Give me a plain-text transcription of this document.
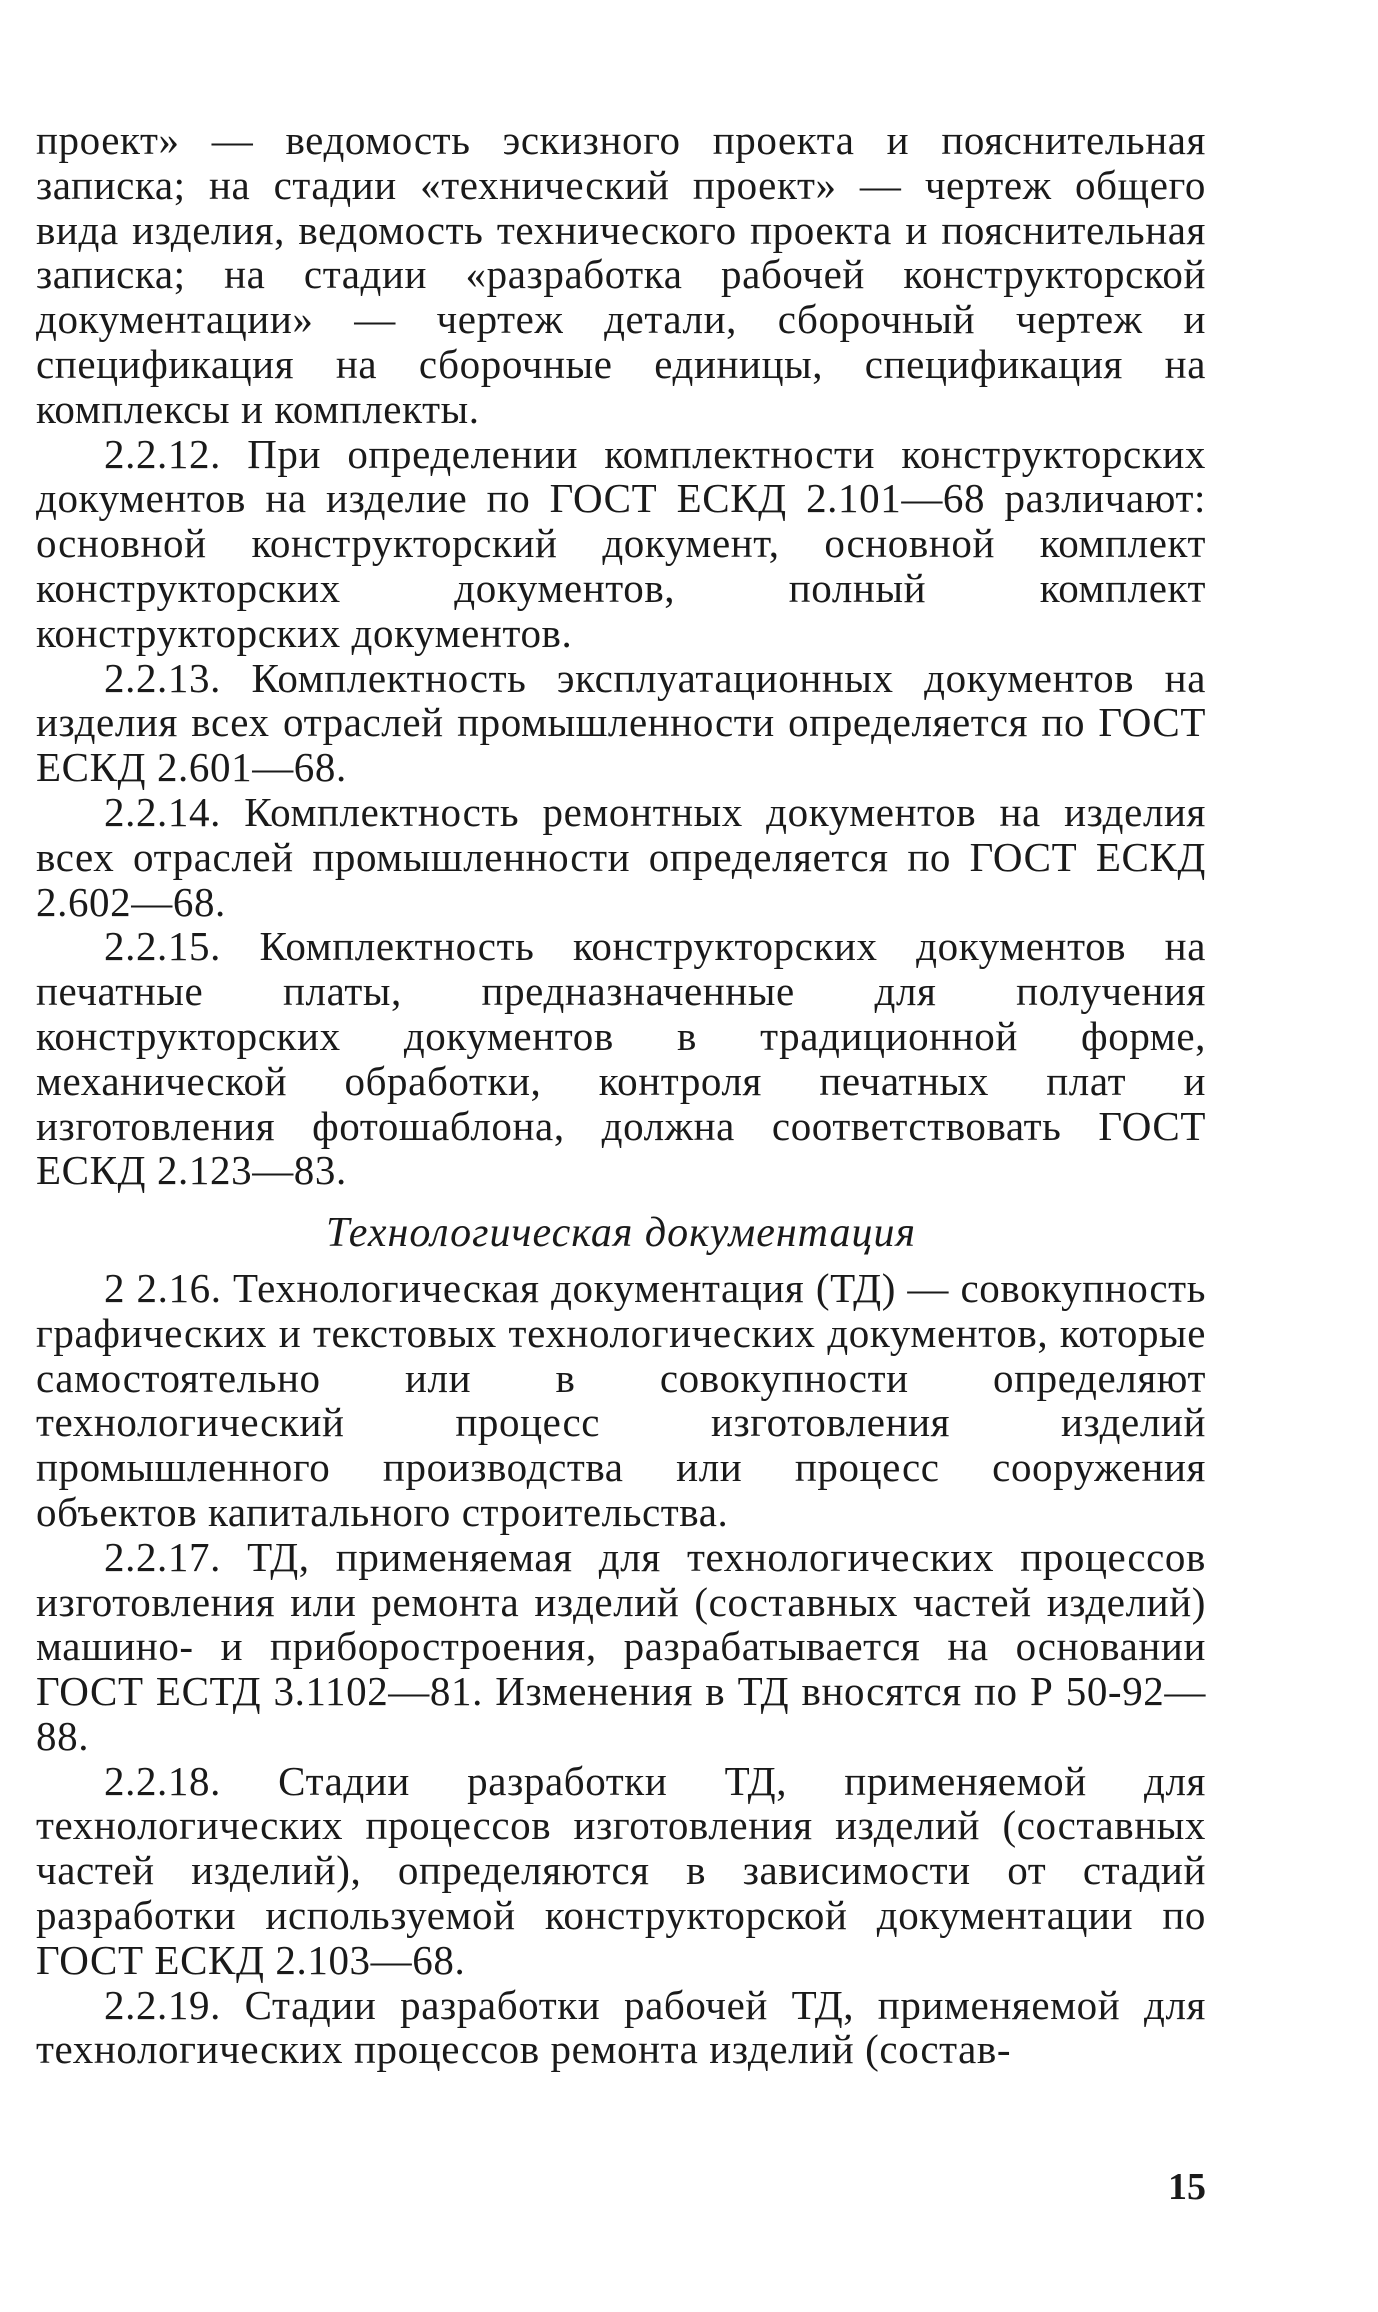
проект» — ведомость эскизного проекта и пояснительная записка; на стадии «технический проект» — чертеж общего вида изделия, ведомость технического проекта и пояснительная записка; на стадии «разработка рабочей конструкторской документации» — чертеж детали, сборочный чертеж и спецификация на сборочные единицы, спецификация на комплексы и комплекты.

2.2.12. При определении комплектности конструкторских документов на изделие по ГОСТ ЕСКД 2.101—68 различают: основной конструкторский документ, основной комплект конструкторских документов, полный комплект конструкторских документов.

2.2.13. Комплектность эксплуатационных документов на изделия всех отраслей промышленности определяется по ГОСТ ЕСКД 2.601—68.

2.2.14. Комплектность ремонтных документов на изделия всех отраслей промышленности определяется по ГОСТ ЕСКД 2.602—68.

2.2.15. Комплектность конструкторских документов на печатные платы, предназначенные для получения конструкторских документов в традиционной форме, механической обработки, контроля печатных плат и изготовления фотошаблона, должна соответствовать ГОСТ ЕСКД 2.123—83.

Технологическая документация

2 2.16. Технологическая документация (ТД) — совокупность графических и текстовых технологических документов, которые самостоятельно или в совокупности определяют технологический процесс изготовления изделий промышленного производства или процесс сооружения объектов капитального строительства.

2.2.17. ТД, применяемая для технологических процессов изготовления или ремонта изделий (составных частей изделий) машино- и приборостроения, разрабатывается на основании ГОСТ ЕСТД 3.1102—81. Изменения в ТД вносятся по Р 50-92—88.

2.2.18. Стадии разработки ТД, применяемой для технологических процессов изготовления изделий (составных частей изделий), определяются в зависимости от стадий разработки используемой конструкторской документации по ГОСТ ЕСКД 2.103—68.

2.2.19. Стадии разработки рабочей ТД, применяемой для технологических процессов ремонта изделий (состав-

15
